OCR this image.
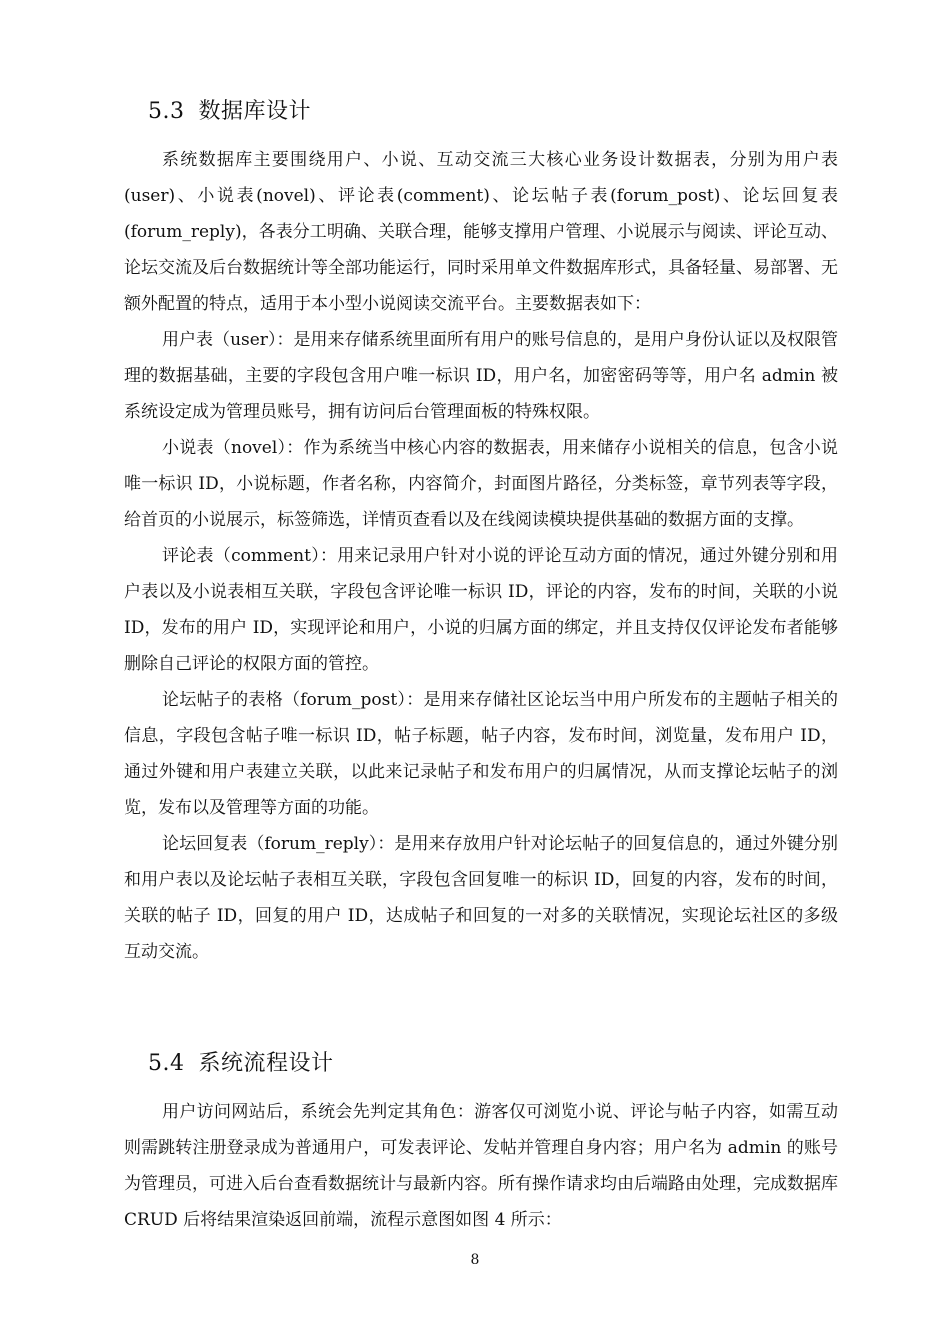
5.3 数据库设计

系统数据库主要围绕用户、小说、互动交流三大核心业务设计数据表，分别为用户表(user)、小说表(novel)、评论表(comment)、论坛帖子表(forum_post)、论坛回复表(forum_reply)，各表分工明确、关联合理，能够支撑用户管理、小说展示与阅读、评论互动、论坛交流及后台数据统计等全部功能运行，同时采用单文件数据库形式，具备轻量、易部署、无额外配置的特点，适用于本小型小说阅读交流平台。主要数据表如下：

用户表（user）：是用来存储系统里面所有用户的账号信息的，是用户身份认证以及权限管理的数据基础，主要的字段包含用户唯一标识 ID，用户名，加密密码等等，用户名 admin 被系统设定成为管理员账号，拥有访问后台管理面板的特殊权限。

小说表（novel）：作为系统当中核心内容的数据表，用来储存小说相关的信息，包含小说唯一标识 ID，小说标题，作者名称，内容简介，封面图片路径，分类标签，章节列表等字段，给首页的小说展示，标签筛选，详情页查看以及在线阅读模块提供基础的数据方面的支撑。

评论表（comment）：用来记录用户针对小说的评论互动方面的情况，通过外键分别和用户表以及小说表相互关联，字段包含评论唯一标识 ID，评论的内容，发布的时间，关联的小说 ID，发布的用户 ID，实现评论和用户，小说的归属方面的绑定，并且支持仅仅评论发布者能够删除自己评论的权限方面的管控。

论坛帖子的表格（forum_post）：是用来存储社区论坛当中用户所发布的主题帖子相关的信息，字段包含帖子唯一标识 ID，帖子标题，帖子内容，发布时间，浏览量，发布用户 ID，通过外键和用户表建立关联，以此来记录帖子和发布用户的归属情况，从而支撑论坛帖子的浏览，发布以及管理等方面的功能。

论坛回复表（forum_reply）：是用来存放用户针对论坛帖子的回复信息的，通过外键分别和用户表以及论坛帖子表相互关联，字段包含回复唯一的标识 ID，回复的内容，发布的时间，关联的帖子 ID，回复的用户 ID，达成帖子和回复的一对多的关联情况，实现论坛社区的多级互动交流。

5.4 系统流程设计

用户访问网站后，系统会先判定其角色：游客仅可浏览小说、评论与帖子内容，如需互动则需跳转注册登录成为普通用户，可发表评论、发帖并管理自身内容；用户名为 admin 的账号为管理员，可进入后台查看数据统计与最新内容。所有操作请求均由后端路由处理，完成数据库 CRUD 后将结果渲染返回前端，流程示意图如图 4 所示：

8
